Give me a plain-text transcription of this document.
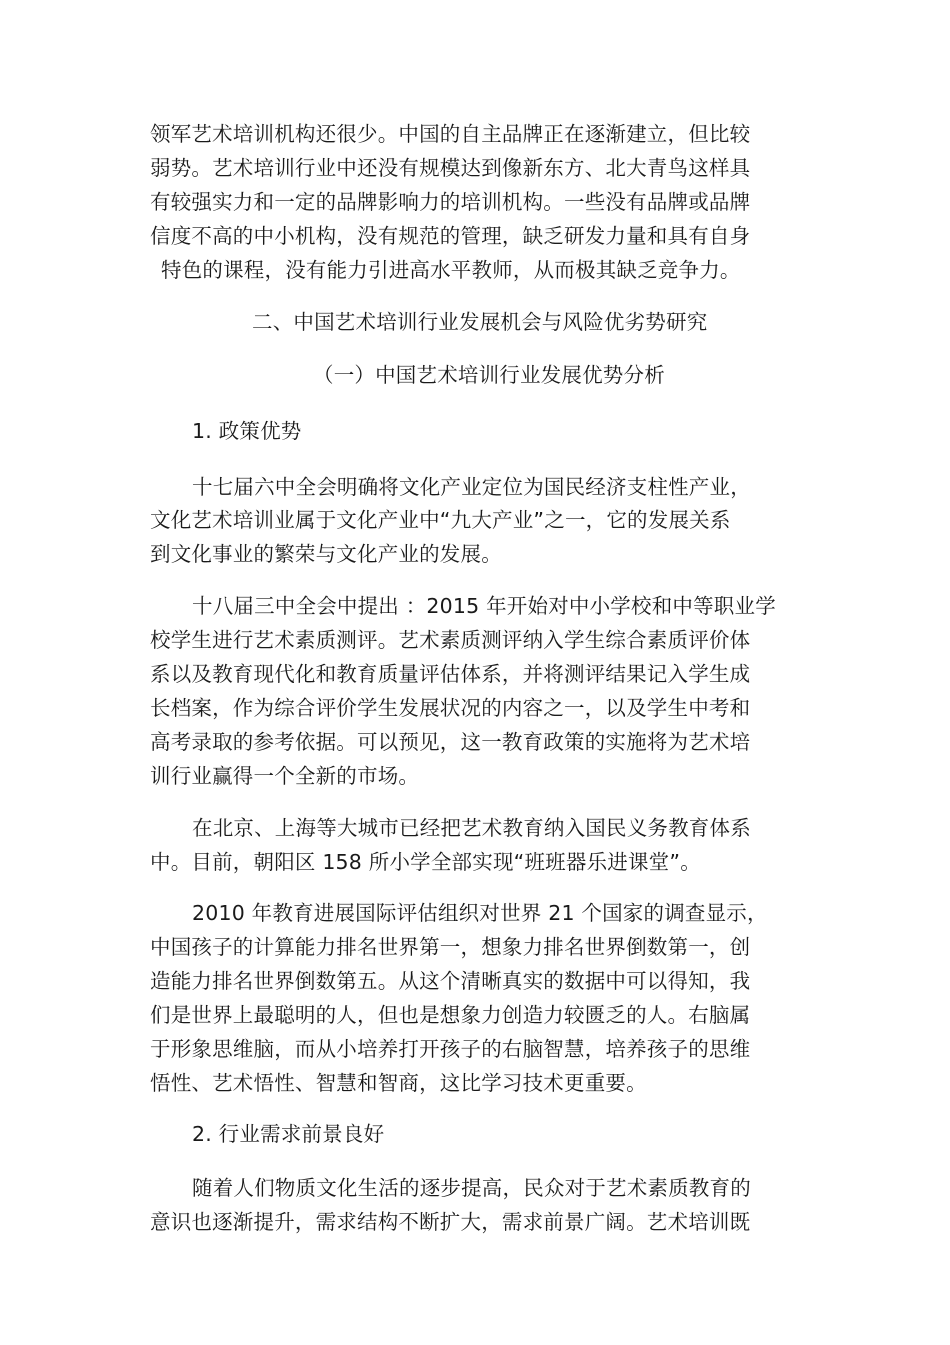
领军艺术培训机构还很少。中国的自主品牌正在逐渐建立，但比较
弱势。艺术培训行业中还没有规模达到像新东方、北大青鸟这样具
有较强实力和一定的品牌影响力的培训机构。一些没有品牌或品牌
信度不高的中小机构，没有规范的管理，缺乏研发力量和具有自身
特色的课程，没有能力引进高水平教师，从而极其缺乏竞争力。
二、中国艺术培训行业发展机会与风险优劣势研究
（一）中国艺术培训行业发展优势分析
1. 政策优势
十七届六中全会明确将文化产业定位为国民经济支柱性产业，
文化艺术培训业属于文化产业中“九大产业”之一，它的发展关系
到文化事业的繁荣与文化产业的发展。
十八届三中全会中提出 ：2015 年开始对中小学校和中等职业学
校学生进行艺术素质测评。艺术素质测评纳入学生综合素质评价体
系以及教育现代化和教育质量评估体系，并将测评结果记入学生成
长档案，作为综合评价学生发展状况的内容之一，以及学生中考和
高考录取的参考依据。可以预见，这一教育政策的实施将为艺术培
训行业赢得一个全新的市场。
在北京、上海等大城市已经把艺术教育纳入国民义务教育体系
中。目前，朝阳区 158 所小学全部实现“班班器乐进课堂”。
2010 年教育进展国际评估组织对世界 21 个国家的调查显示，
中国孩子的计算能力排名世界第一，想象力排名世界倒数第一，创
造能力排名世界倒数第五。从这个清晰真实的数据中可以得知，我
们是世界上最聪明的人，但也是想象力创造力较匮乏的人。右脑属
于形象思维脑，而从小培养打开孩子的右脑智慧，培养孩子的思维
悟性、艺术悟性、智慧和智商，这比学习技术更重要。
2. 行业需求前景良好
随着人们物质文化生活的逐步提高，民众对于艺术素质教育的
意识也逐渐提升，需求结构不断扩大，需求前景广阔。艺术培训既
